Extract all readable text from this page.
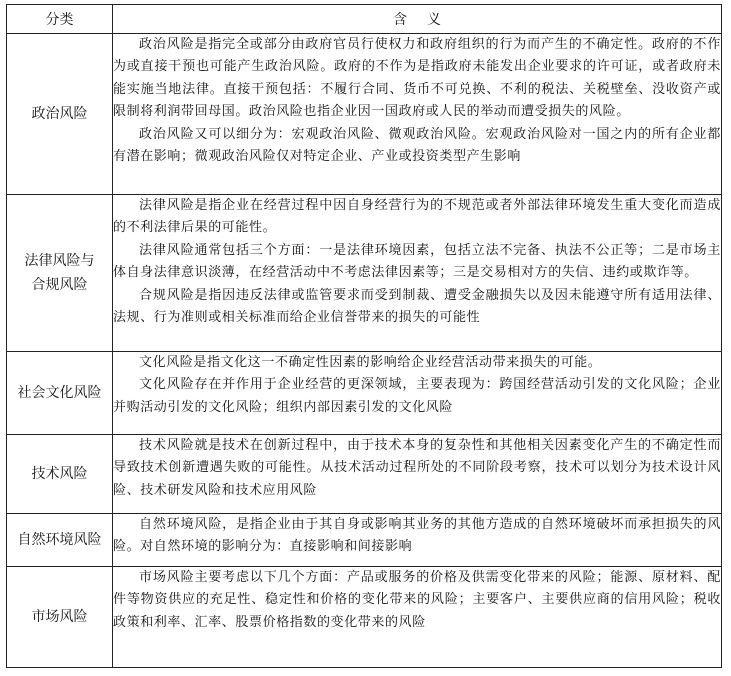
分类	含义
政治风险	政治风险是指完全或部分由政府官员行使权力和政府组织的行为而产生的不确定性。政府的不作为或直接干预也可能产生政治风险。政府的不作为是指政府未能发出企业要求的许可证，或者政府未能实施当地法律。直接干预包括：不履行合同、货币不可兑换、不利的税法、关税壁垒、没收资产或限制将利润带回母国。政治风险也指企业因一国政府或人民的举动而遭受损失的风险。

政治风险又可以细分为：宏观政治风险、微观政治风险。宏观政治风险对一国之内的所有企业都有潜在影响；微观政治风险仅对特定企业、产业或投资类型产生影响

法律风险与合规风险	法律风险是指企业在经营过程中因自身经营行为的不规范或者外部法律环境发生重大变化而造成的不利法律后果的可能性。

法律风险通常包括三个方面：一是法律环境因素，包括立法不完备、执法不公正等；二是市场主体自身法律意识淡薄，在经营活动中不考虑法律因素等；三是交易相对方的失信、违约或欺诈等。

合规风险是指因违反法律或监管要求而受到制裁、遭受金融损失以及因未能遵守所有适用法律、法规、行为准则或相关标准而给企业信誉带来的损失的可能性

社会文化风险	文化风险是指文化这一不确定性因素的影响给企业经营活动带来损失的可能。

文化风险存在并作用于企业经营的更深领域，主要表现为：跨国经营活动引发的文化风险；企业并购活动引发的文化风险；组织内部因素引发的文化风险

技术风险	技术风险就是技术在创新过程中，由于技术本身的复杂性和其他相关因素变化产生的不确定性而导致技术创新遭遇失败的可能性。从技术活动过程所处的不同阶段考察，技术可以划分为技术设计风险、技术研发风险和技术应用风险

自然环境风险	自然环境风险，是指企业由于其自身或影响其业务的其他方造成的自然环境破坏而承担损失的风险。对自然环境的影响分为：直接影响和间接影响

市场风险	市场风险主要考虑以下几个方面：产品或服务的价格及供需变化带来的风险；能源、原材料、配件等物资供应的充足性、稳定性和价格的变化带来的风险；主要客户、主要供应商的信用风险；税收政策和利率、汇率、股票价格指数的变化带来的风险
